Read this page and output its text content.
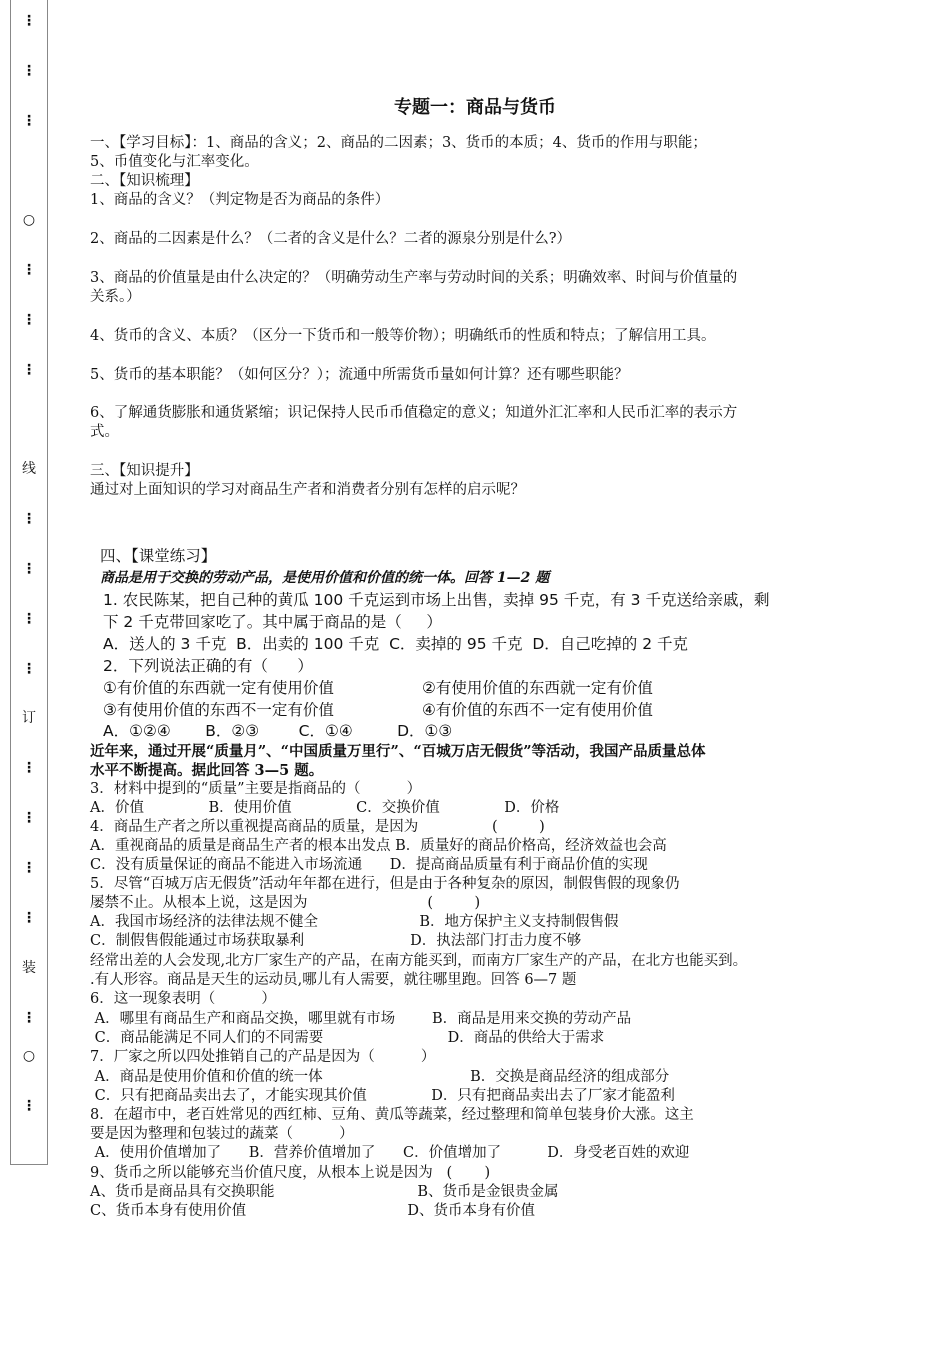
⋮
⋮
⋮
○
⋮
⋮
⋮
线
⋮
⋮
⋮
⋮
订
⋮
⋮
⋮
⋮
装
⋮
○
⋮
专题一：商品与货币
一、【学习目标】：1、商品的含义；2、商品的二因素；3、货币的本质；4、货币的作用与职能；
5、币值变化与汇率变化。
二、【知识梳理】
1、商品的含义？（判定物是否为商品的条件）
2、商品的二因素是什么？（二者的含义是什么？二者的源泉分别是什么?）
3、商品的价值量是由什么决定的？（明确劳动生产率与劳动时间的关系；明确效率、时间与价值量的
关系。）
4、货币的含义、本质？（区分一下货币和一般等价物）；明确纸币的性质和特点；了解信用工具。
5、货币的基本职能？（如何区分？）；流通中所需货币量如何计算？还有哪些职能？
6、了解通货膨胀和通货紧缩；识记保持人民币币值稳定的意义；知道外汇汇率和人民币汇率的表示方
式。
三、【知识提升】
通过对上面知识的学习对商品生产者和消费者分别有怎样的启示呢？
四、【课堂练习】
商品是用于交换的劳动产品，是使用价值和价值的统一体。回答 1—2 题
1. 农民陈某，把自己种的黄瓜 100 千克运到市场上出售，卖掉 95 千克，有 3 千克送给亲戚，剩
下 2 千克带回家吃了。其中属于商品的是（     ）
A．送人的 3 千克  B．出卖的 100 千克  C．卖掉的 95 千克  D．自己吃掉的 2 千克
2．下列说法正确的有（      ）
①有价值的东西就一定有使用价值	②有使用价值的东西就一定有价值
③有使用价值的东西不一定有价值	④有价值的东西不一定有使用价值
A．①②④       B．②③        C．①④         D．①③
近年来，通过开展“质量月”、“中国质量万里行”、“百城万店无假货”等活动，我国产品质量总体
水平不断提高。据此回答 3—5 题。
3．材料中提到的“质量”主要是指商品的（          ）
A．价值              B．使用价值              C．交换价值              D．价格
4．商品生产者之所以重视提高商品的质量，是因为                (         )
A．重视商品的质量是商品生产者的根本出发点 B．质量好的商品价格高，经济效益也会高
C．没有质量保证的商品不能进入市场流通      D．提高商品质量有利于商品价值的实现
5．尽管“百城万店无假货”活动年年都在进行，但是由于各种复杂的原因，制假售假的现象仍
屡禁不止。从根本上说，这是因为                          (         )
A．我国市场经济的法律法规不健全                      B．地方保护主义支持制假售假
C．制假售假能通过市场获取暴利                       D．执法部门打击力度不够
经常出差的人会发现,北方厂家生产的产品，在南方能买到，而南方厂家生产的产品，在北方也能买到。
.有人形容。商品是天生的运动员,哪儿有人需要，就往哪里跑。回答 6—7 题
6．这一现象表明（          ）
A．哪里有商品生产和商品交换，哪里就有市场        B．商品是用来交换的劳动产品
C．商品能满足不同人们的不同需要                           D．商品的供给大于需求
7．厂家之所以四处推销自己的产品是因为（          ）
A．商品是使用价值和价值的统一体                                B．交换是商品经济的组成部分
C．只有把商品卖出去了，才能实现其价值              D．只有把商品卖出去了厂家才能盈利
8．在超市中，老百姓常见的西红柿、豆角、黄瓜等蔬菜，经过整理和简单包装身价大涨。这主
要是因为整理和包装过的蔬菜（          ）
A．使用价值增加了      B．营养价值增加了      C．价值增加了          D．身受老百姓的欢迎
9、货币之所以能够充当价值尺度，从根本上说是因为   (       )
A、货币是商品具有交换职能                               B、货币是金银贵金属
C、货币本身有使用价值                                   D、货币本身有价值
